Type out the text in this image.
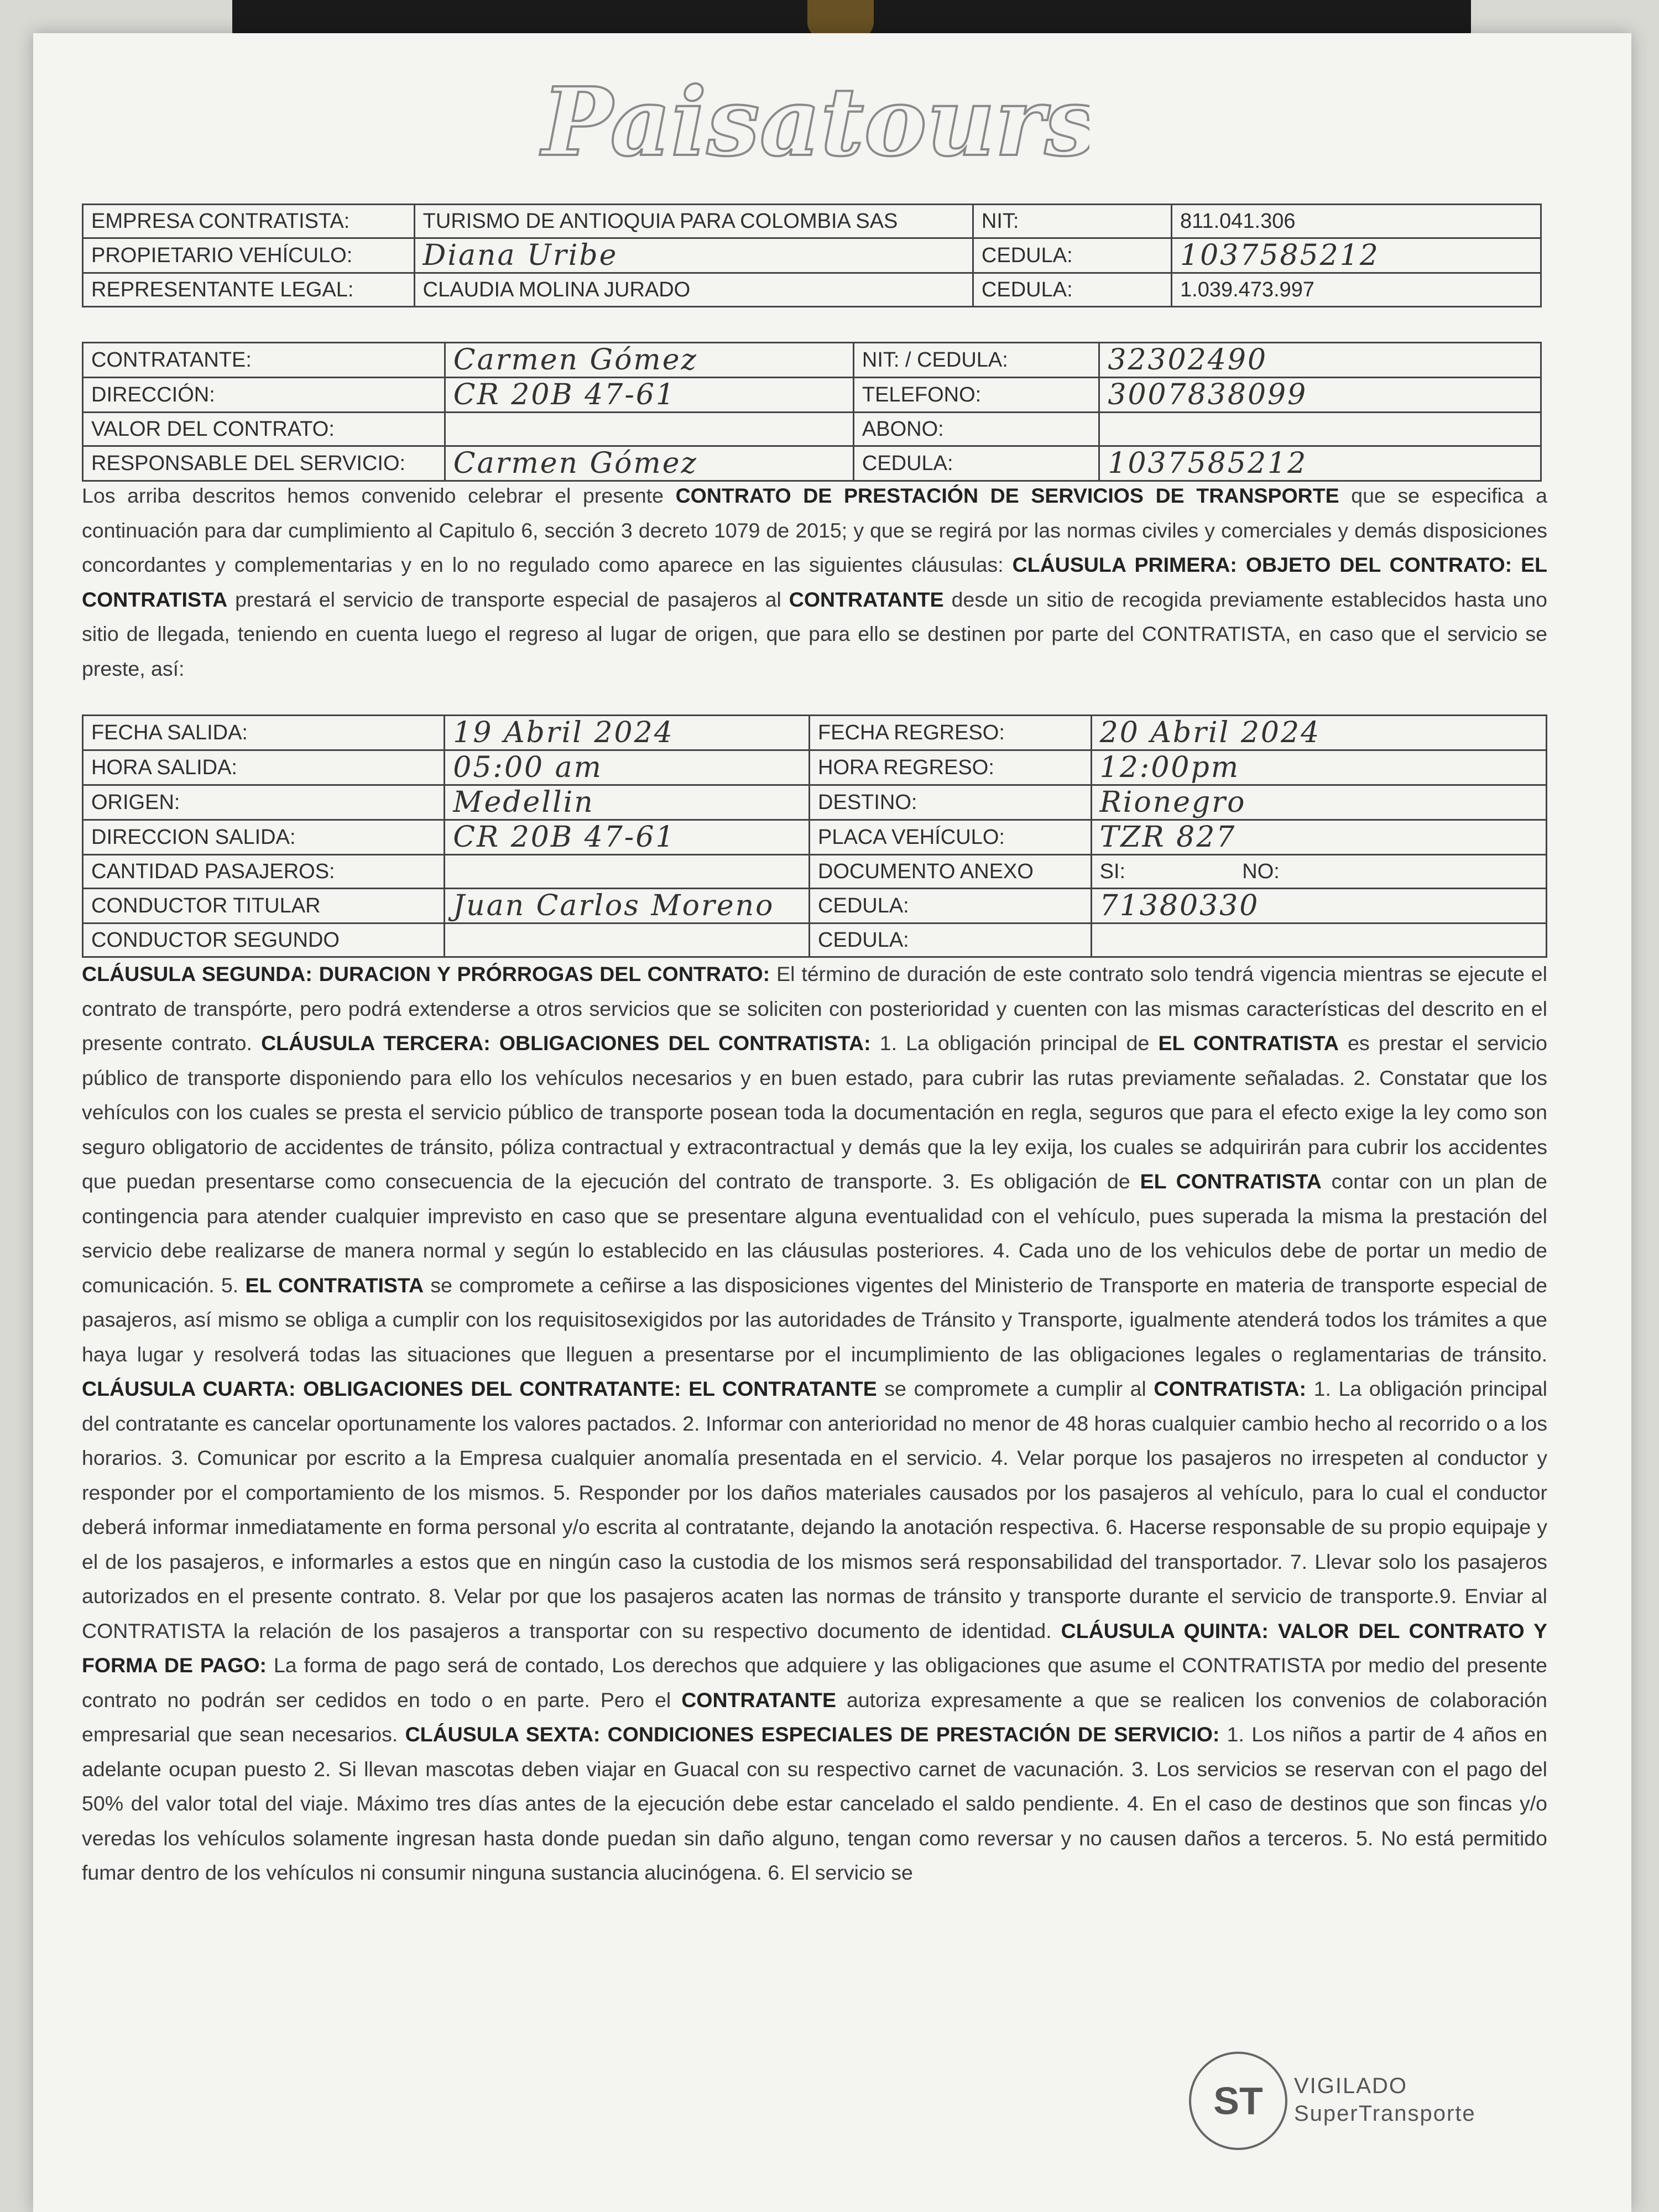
Paisatours
EMPRESA CONTRATISTA:	TURISMO DE ANTIOQUIA PARA COLOMBIA SAS	NIT:	811.041.306
PROPIETARIO VEHÍCULO:	Diana Uribe	CEDULA:	1037585212
REPRESENTANTE LEGAL:	CLAUDIA MOLINA JURADO	CEDULA:	1.039.473.997
CONTRATANTE:	Carmen Gómez	NIT: / CEDULA:	32302490
DIRECCIÓN:	CR 20B 47-61	TELEFONO:	3007838099
VALOR DEL CONTRATO:		ABONO:	
RESPONSABLE DEL SERVICIO:	Carmen Gómez	CEDULA:	1037585212
Los arriba descritos hemos convenido celebrar el presente CONTRATO DE PRESTACIÓN DE SERVICIOS DE TRANSPORTE que se especifica a continuación para dar cumplimiento al Capitulo 6, sección 3 decreto 1079 de 2015; y que se regirá por las normas civiles y comerciales y demás disposiciones concordantes y complementarias y en lo no regulado como aparece en las siguientes cláusulas: CLÁUSULA PRIMERA: OBJETO DEL CONTRATO: EL CONTRATISTA prestará el servicio de transporte especial de pasajeros al CONTRATANTE desde un sitio de recogida previamente establecidos hasta uno sitio de llegada, teniendo en cuenta luego el regreso al lugar de origen, que para ello se destinen por parte del CONTRATISTA, en caso que el servicio se preste, así:
FECHA SALIDA:	19 Abril 2024	FECHA REGRESO:	20 Abril 2024
HORA SALIDA:	05:00 am	HORA REGRESO:	12:00pm
ORIGEN:	Medellin	DESTINO:	Rionegro
DIRECCION SALIDA:	CR 20B 47-61	PLACA VEHÍCULO:	TZR 827
CANTIDAD PASAJEROS:		DOCUMENTO ANEXO	SI:                    NO:
CONDUCTOR TITULAR	Juan Carlos Moreno	CEDULA:	71380330
CONDUCTOR SEGUNDO		CEDULA:	
CLÁUSULA SEGUNDA: DURACION Y PRÓRROGAS DEL CONTRATO: El término de duración de este contrato solo tendrá vigencia mientras se ejecute el contrato de transpórte, pero podrá extenderse a otros servicios que se soliciten con posterioridad y cuenten con las mismas características del descrito en el presente contrato. CLÁUSULA TERCERA: OBLIGACIONES DEL CONTRATISTA: 1. La obligación principal de EL CONTRATISTA es prestar el servicio público de transporte disponiendo para ello los vehículos necesarios y en buen estado, para cubrir las rutas previamente señaladas. 2. Constatar que los vehículos con los cuales se presta el servicio público de transporte posean toda la documentación en regla, seguros que para el efecto exige la ley como son seguro obligatorio de accidentes de tránsito, póliza contractual y extracontractual y demás que la ley exija, los cuales se adquirirán para cubrir los accidentes que puedan presentarse como consecuencia de la ejecución del contrato de transporte. 3. Es obligación de EL CONTRATISTA contar con un plan de contingencia para atender cualquier imprevisto en caso que se presentare alguna eventualidad con el vehículo, pues superada la misma la prestación del servicio debe realizarse de manera normal y según lo establecido en las cláusulas posteriores. 4. Cada uno de los vehiculos debe de portar un medio de comunicación. 5. EL CONTRATISTA se compromete a ceñirse a las disposiciones vigentes del Ministerio de Transporte en materia de transporte especial de pasajeros, así mismo se obliga a cumplir con los requisitosexigidos por las autoridades de Tránsito y Transporte, igualmente atenderá todos los trámites a que haya lugar y resolverá todas las situaciones que lleguen a presentarse por el incumplimiento de las obligaciones legales o reglamentarias de tránsito. CLÁUSULA CUARTA: OBLIGACIONES DEL CONTRATANTE: EL CONTRATANTE se compromete a cumplir al CONTRATISTA: 1. La obligación principal del contratante es cancelar oportunamente los valores pactados. 2. Informar con anterioridad no menor de 48 horas cualquier cambio hecho al recorrido o a los horarios. 3. Comunicar por escrito a la Empresa cualquier anomalía presentada en el servicio. 4. Velar porque los pasajeros no irrespeten al conductor y responder por el comportamiento de los mismos. 5. Responder por los daños materiales causados por los pasajeros al vehículo, para lo cual el conductor deberá informar inmediatamente en forma personal y/o escrita al contratante, dejando la anotación respectiva. 6. Hacerse responsable de su propio equipaje y el de los pasajeros, e informarles a estos que en ningún caso la custodia de los mismos será responsabilidad del transportador. 7. Llevar solo los pasajeros autorizados en el presente contrato. 8. Velar por que los pasajeros acaten las normas de tránsito y transporte durante el servicio de transporte.9. Enviar al CONTRATISTA la relación de los pasajeros a transportar con su respectivo documento de identidad. CLÁUSULA QUINTA: VALOR DEL CONTRATO Y FORMA DE PAGO: La forma de pago será de contado, Los derechos que adquiere y las obligaciones que asume el CONTRATISTA por medio del presente contrato no podrán ser cedidos en todo o en parte. Pero el CONTRATANTE autoriza expresamente a que se realicen los convenios de colaboración empresarial que sean necesarios. CLÁUSULA SEXTA: CONDICIONES ESPECIALES DE PRESTACIÓN DE SERVICIO: 1. Los niños a partir de 4 años en adelante ocupan puesto 2. Si llevan mascotas deben viajar en Guacal con su respectivo carnet de vacunación. 3. Los servicios se reservan con el pago del 50% del valor total del viaje. Máximo tres días antes de la ejecución debe estar cancelado el saldo pendiente. 4. En el caso de destinos que son fincas y/o veredas los vehículos solamente ingresan hasta donde puedan sin daño alguno, tengan como reversar y no causen daños a terceros. 5. No está permitido fumar dentro de los vehículos ni consumir ninguna sustancia alucinógena. 6. El servicio se
ST	VIGILADO
SuperTransporte
